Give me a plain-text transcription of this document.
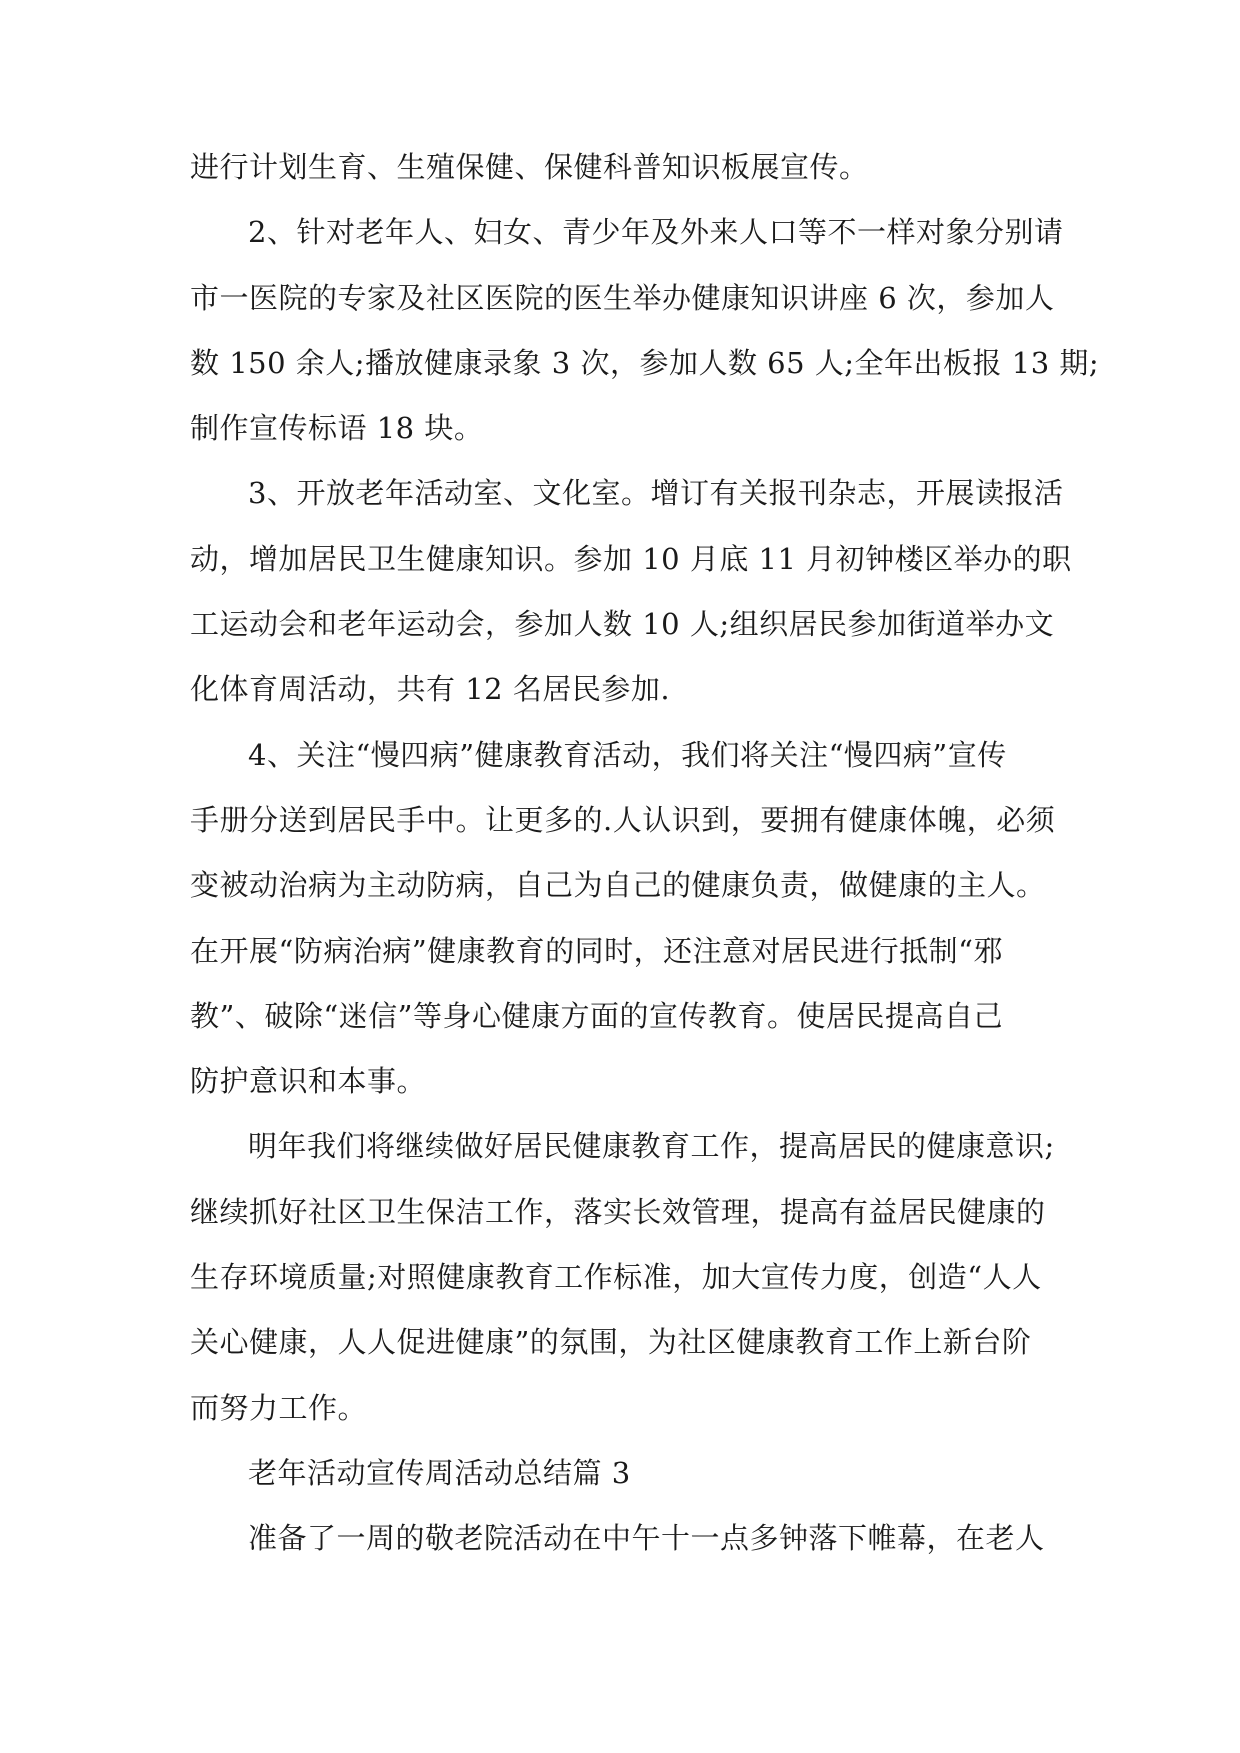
进行计划生育、生殖保健、保健科普知识板展宣传。
2、针对老年人、妇女、青少年及外来人口等不一样对象分别请
市一医院的专家及社区医院的医生举办健康知识讲座 6 次，参加人
数 150 余人;播放健康录象 3 次，参加人数 65 人;全年出板报 13 期;
制作宣传标语 18 块。
3、开放老年活动室、文化室。增订有关报刊杂志，开展读报活
动，增加居民卫生健康知识。参加 10 月底 11 月初钟楼区举办的职
工运动会和老年运动会，参加人数 10 人;组织居民参加街道举办文
化体育周活动，共有 12 名居民参加.
4、关注“慢四病”健康教育活动，我们将关注“慢四病”宣传
手册分送到居民手中。让更多的.人认识到，要拥有健康体魄，必须
变被动治病为主动防病，自己为自己的健康负责，做健康的主人。
在开展“防病治病”健康教育的同时，还注意对居民进行抵制“邪
教”、破除“迷信”等身心健康方面的宣传教育。使居民提高自己
防护意识和本事。
明年我们将继续做好居民健康教育工作，提高居民的健康意识;
继续抓好社区卫生保洁工作，落实长效管理，提高有益居民健康的
生存环境质量;对照健康教育工作标准，加大宣传力度，创造“人人
关心健康，人人促进健康”的氛围，为社区健康教育工作上新台阶
而努力工作。
老年活动宣传周活动总结篇 3
准备了一周的敬老院活动在中午十一点多钟落下帷幕，在老人
